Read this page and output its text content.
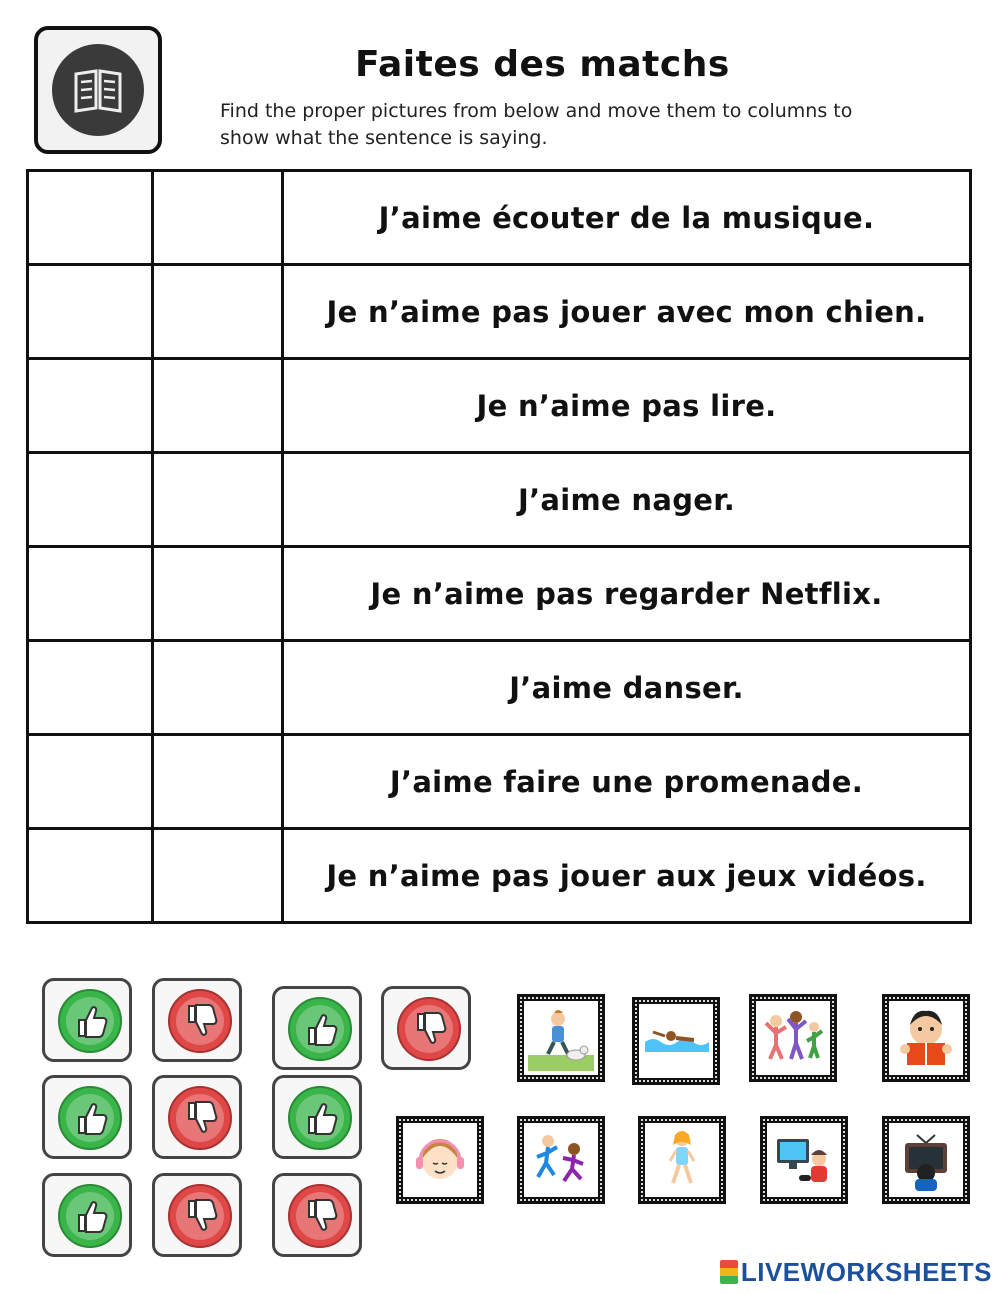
Faites des matchs
Find the proper pictures from below and move them to columns to show what the sentence is saying.
		J’aime écouter de la musique.
		Je n’aime pas jouer avec mon chien.
		Je n’aime pas lire.
		J’aime nager.
		Je n’aime pas regarder Netflix.
		J’aime danser.
		J’aime faire une promenade.
		Je n’aime pas jouer aux jeux vidéos.
LIVEWORKSHEETS
